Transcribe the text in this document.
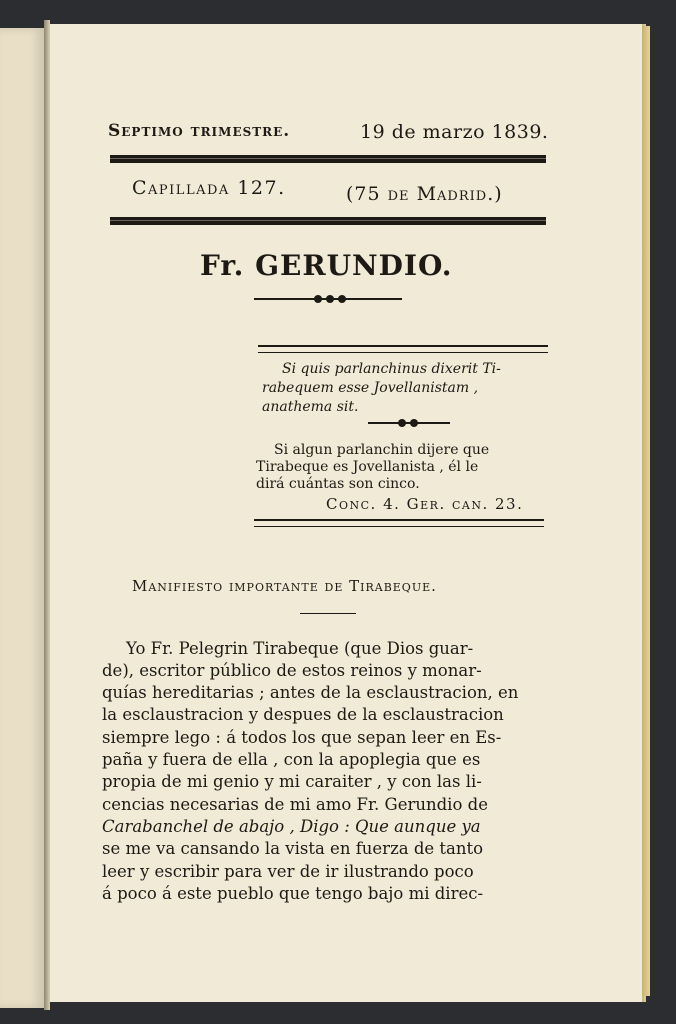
Septimo trimestre.	19 de marzo 1839.
Capillada 127.	(75 de Madrid.)
Fr. GERUNDIO.
Si quis parlanchinus dixerit Ti-
rabequem esse Jovellanistam ,
anathema sit.
Si algun parlanchin dijere que
Tirabeque es Jovellanista , él le
dirá cuántas son cinco.
Conc. 4. Ger. can. 23.
Manifiesto importante de Tirabeque.
Yo Fr. Pelegrin Tirabeque (que Dios guar-
de), escritor público de estos reinos y monar-
quías hereditarias ; antes de la esclaustracion, en
la esclaustracion y despues de la esclaustracion
siempre lego : á todos los que sepan leer en Es-
paña y fuera de ella , con la apoplegia que es
propia de mi genio y mi caraiter , y con las li-
cencias necesarias de mi amo Fr. Gerundio de
Carabanchel de abajo , Digo : Que aunque ya
se me va cansando la vista en fuerza de tanto
leer y escribir para ver de ir ilustrando poco
á poco á este pueblo que tengo bajo mi direc-
